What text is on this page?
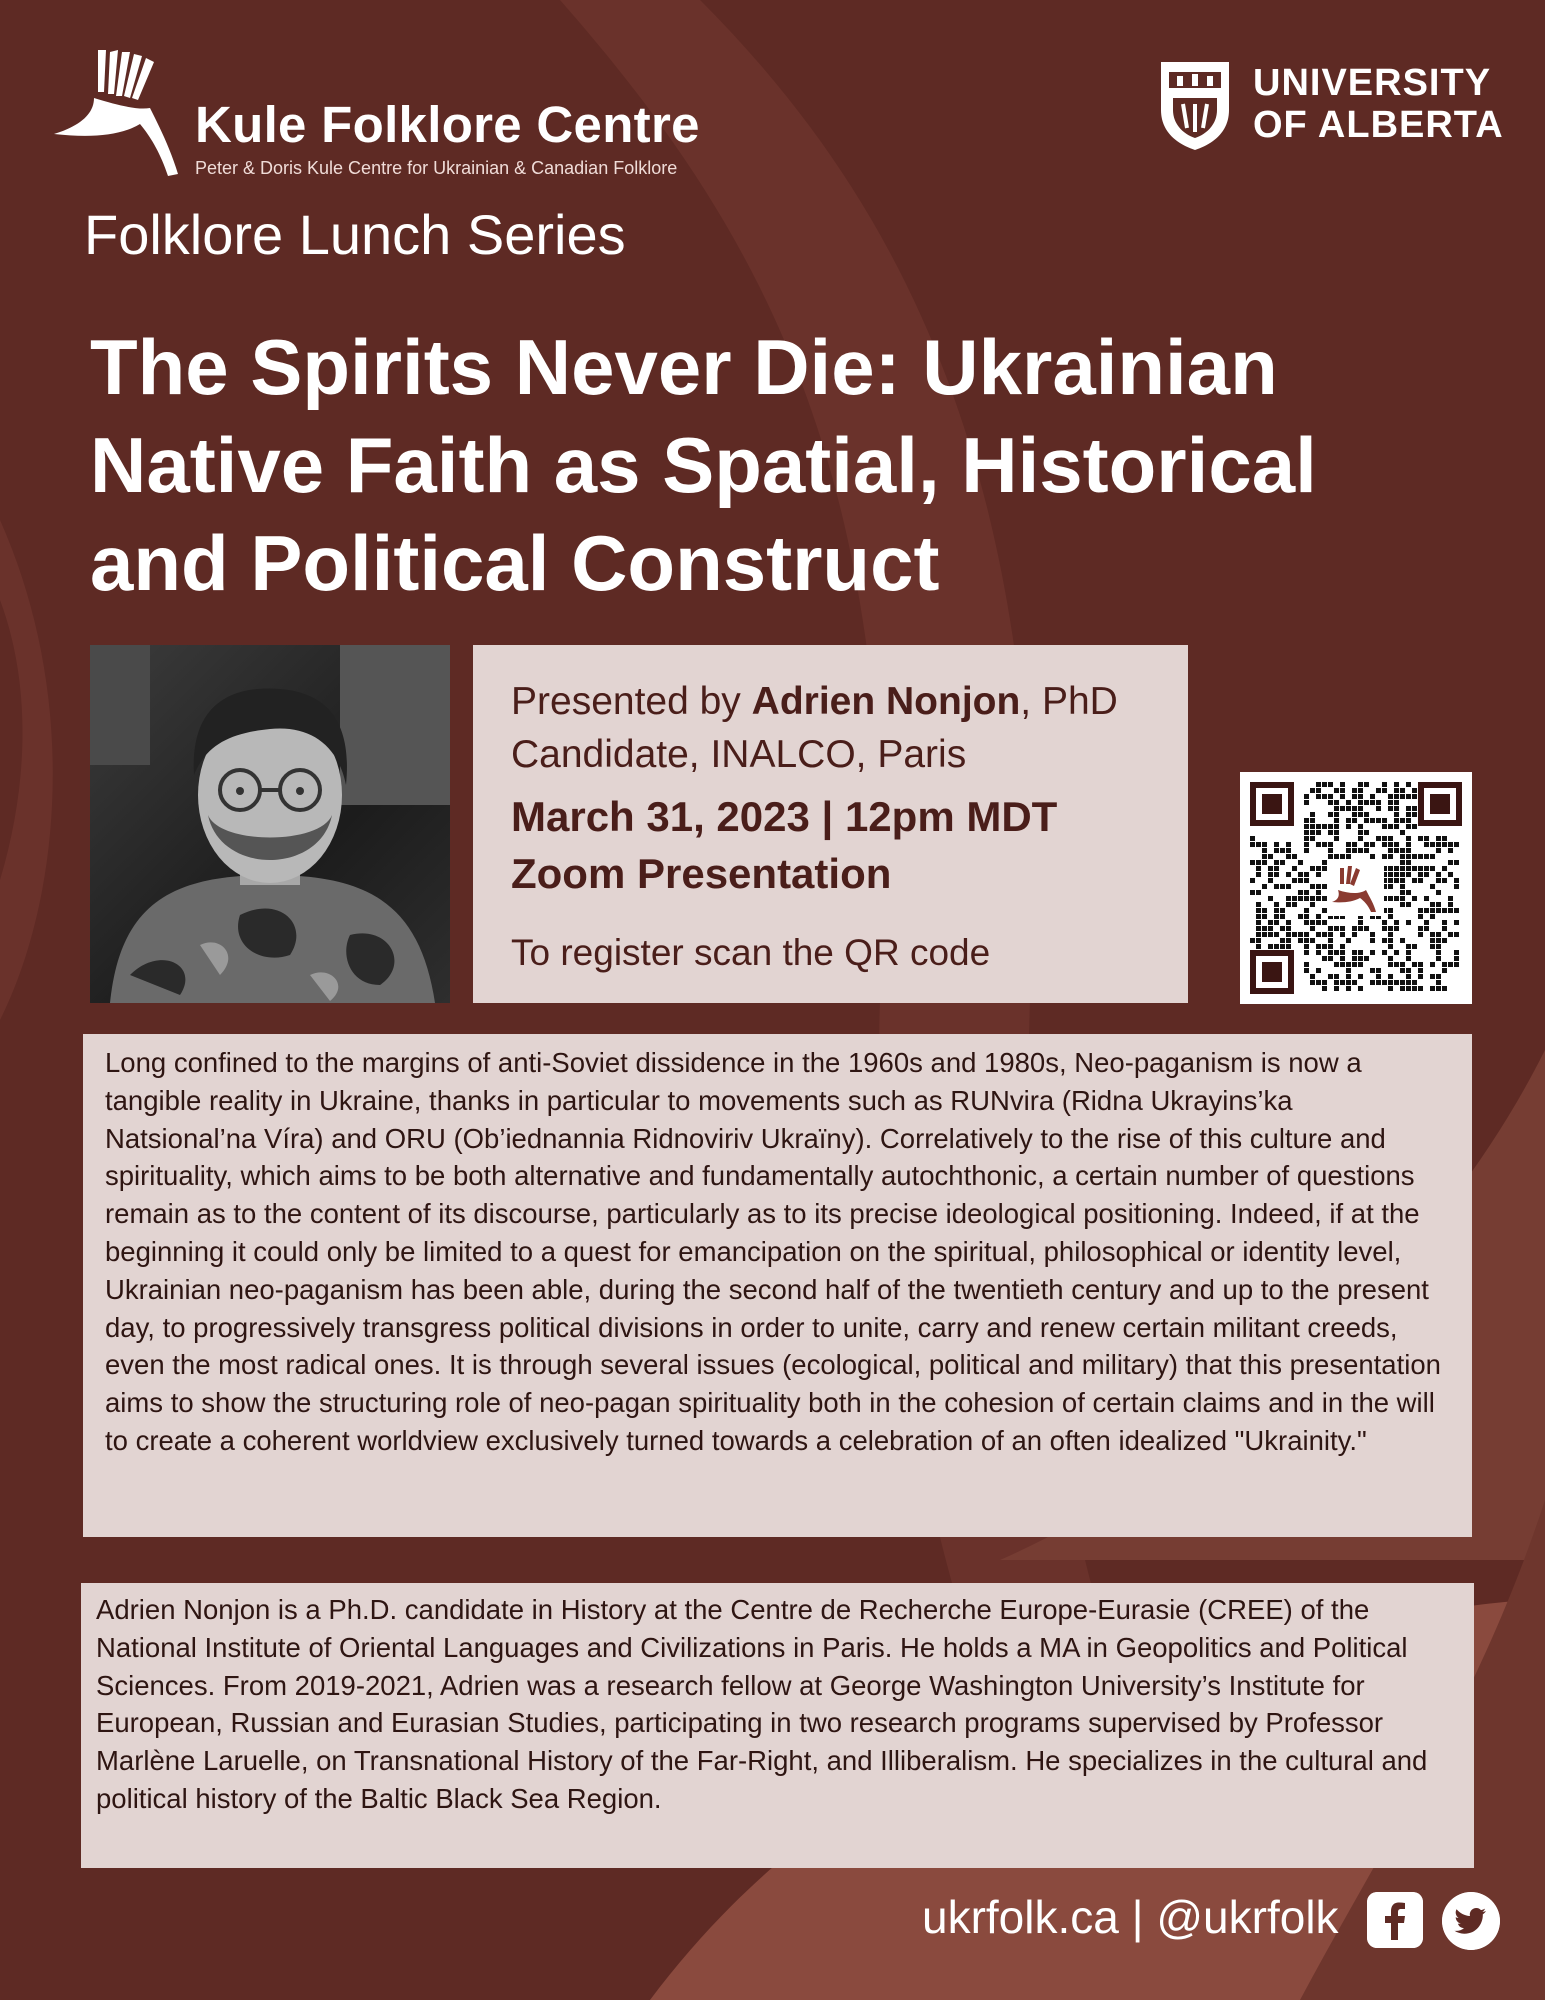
Kule Folklore Centre
Peter & Doris Kule Centre for Ukrainian & Canadian Folklore
UNIVERSITY
OF ALBERTA
Folklore Lunch Series
The Spirits Never Die: Ukrainian Native Faith as Spatial, Historical and Political Construct
Presented by Adrien Nonjon, PhD
Candidate, INALCO, Paris
March 31, 2023 | 12pm MDT
Zoom Presentation
To register scan the QR code
Long confined to the margins of anti-Soviet dissidence in the 1960s and 1980s, Neo-paganism is now a tangible reality in Ukraine, thanks in particular to movements such as RUNvira (Ridna Ukrayins’ka Natsional’na Víra) and ORU (Ob’iednannia Ridnoviriv Ukraïny). Correlatively to the rise of this culture and spirituality, which aims to be both alternative and fundamentally autochthonic, a certain number of questions remain as to the content of its discourse, particularly as to its precise ideological positioning. Indeed, if at the beginning it could only be limited to a quest for emancipation on the spiritual, philosophical or identity level, Ukrainian neo-paganism has been able, during the second half of the twentieth century and up to the present day, to progressively transgress political divisions in order to unite, carry and renew certain militant creeds, even the most radical ones. It is through several issues (ecological, political and military) that this presentation aims to show the structuring role of neo-pagan spirituality both in the cohesion of certain claims and in the will to create a coherent worldview exclusively turned towards a celebration of an often idealized "Ukrainity."
Adrien Nonjon is a Ph.D. candidate in History at the Centre de Recherche Europe-Eurasie (CREE) of the National Institute of Oriental Languages and Civilizations in Paris. He holds a MA in Geopolitics and Political Sciences. From 2019-2021, Adrien was a research fellow at George Washington University’s Institute for European, Russian and Eurasian Studies, participating in two research programs supervised by Professor Marlène Laruelle, on Transnational History of the Far-Right, and Illiberalism. He specializes in the cultural and political history of the Baltic Black Sea Region.
ukrfolk.ca | @ukrfolk
